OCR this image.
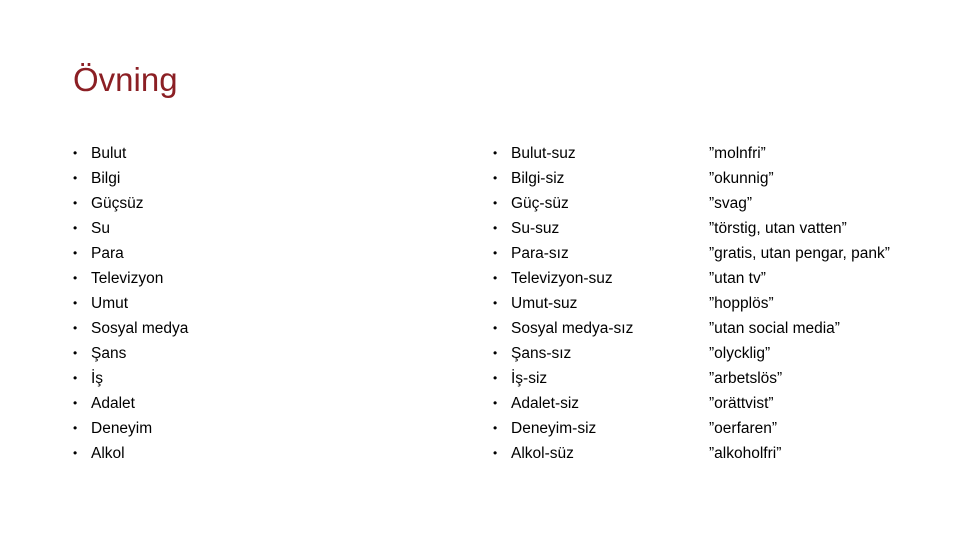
Övning
• Bulut
• Bilgi
• Güçsüz
• Su
• Para
• Televizyon
• Umut
• Sosyal medya
• Şans
• İş
• Adalet
• Deneyim
• Alkol
• Bulut-suz
• Bilgi-siz
• Güç-süz
• Su-suz
• Para-sız
• Televizyon-suz
• Umut-suz
• Sosyal medya-sız
• Şans-sız
• İş-siz
• Adalet-siz
• Deneyim-siz
• Alkol-süz
”molnfri”
”okunnig”
”svag”
”törstig, utan vatten”
”gratis, utan pengar, pank”
”utan tv”
”hopplös”
”utan social media”
”olycklig”
”arbetslös”
”orättvist”
”oerfaren”
”alkoholfri”
